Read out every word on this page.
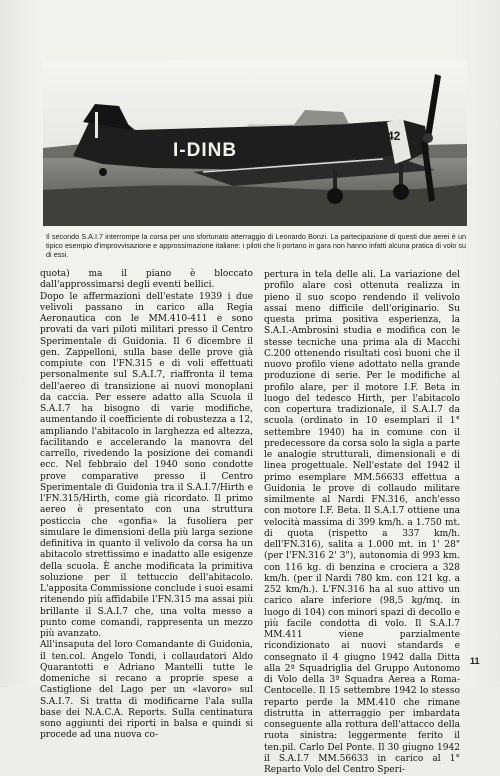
42
I-DINB
Il secondo S.A.I.7 interrompe la corsa per uno sfortunato atterraggio di Leonardo Bonzi. La partecipazione di questi due aerei è un tipico esempio d'improvvisazione e approssimazione italiane: i piloti che li portano in gara non hanno infatti alcuna pratica di volo su di essi.

quota) ma il piano è bloccato dall'approssimarsi degli eventi bellici.

Dopo le affermazioni dell'estate 1939 i due velivoli passano in carico alla Regia Aeronautica con le MM.410-411 e sono provati da vari piloti militari presso il Centro Sperimentale di Guidonia. Il 6 dicembre il gen. Zappelloni, sulla base delle prove già compiute con l'FN.315 e di voli effettuati personalmente sul S.A.I.7, riaffronta il tema dell'aereo di transizione ai nuovi monoplani da caccia. Per essere adatto alla Scuola il S.A.I.7 ha bisogno di varie modifiche, aumentando il coefficiente di robustezza a 12, ampliando l'abitacolo in larghezza ed altezza, facilitando e accelerando la manovra del carrello, rivedendo la posizione dei comandi ecc. Nel febbraio del 1940 sono condotte prove comparative presso il Centro Sperimentale di Guidonia tra il S.A.I.7/Hirth e l'FN.315/Hirth, come già ricordato. Il primo aereo è presentato con una struttura posticcia che «gonfia» la fusoliera per simulare le dimensioni della più larga sezione definitiva in quanto il velivolo da corsa ha un abitacolo strettissimo e inadatto alle esigenze della scuola. È anche modificata la primitiva soluzione per il tettuccio dell'abitacolo. L'apposita Commissione conclude i suoi esami ritenendo più affidabile l'FN.315 ma assai più brillante il S.A.I.7 che, una volta messo a punto come comandi, rappresenta un mezzo più avanzato.

All'insaputa del loro Comandante di Guidonia, il ten.col. Angelo Tondi, i collaudatori Aldo Quarantotti e Adriano Mantelli tutte le domeniche si recano a proprie spese a Castiglione del Lago per un «lavoro» sul S.A.I.7. Si tratta di modificarne l'ala sulla base dei N.A.C.A. Reports. Sulla centinatura sono aggiunti dei riporti in balsa e quindi si procede ad una nuova co-

pertura in tela delle ali. La variazione del profilo alare così ottenuta realizza in pieno il suo scopo rendendo il velivolo assai meno difficile dell'originario. Su questa prima positiva esperienza, la S.A.I.-Ambrosini studia e modifica con le stesse tecniche una prima ala di Macchi C.200 ottenendo risultati così buoni che il nuovo profilo viene adottato nella grande produzione di serie. Per le modifiche al profilo alare, per il motore I.F. Beta in luogo del tedesco Hirth, per l'abitacolo con copertura tradizionale, il S.A.I.7 da scuola (ordinato in 10 esemplari il 1° settembre 1940) ha in comune con il predecessore da corsa solo la sigla a parte le analogie strutturali, dimensionali e di linea progettuale. Nell'estate del 1942 il primo esemplare MM.56633 effettua a Guidonia le prove di collaudo militare similmente al Nardi FN.316, anch'esso con motore I.F. Beta. Il S.A.I.7 ottiene una velocità massima di 399 km/h. a 1.750 mt. di quota (rispetto a 337 km/h. dell'FN.316), salita a 1.000 mt. in 1' 28" (per l'FN.316 2' 3"), autonomia di 993 km. con 116 kg. di benzina e crociera a 328 km/h. (per il Nardi 780 km. con 121 kg. a 252 km/h.). L'FN.316 ha al suo attivo un carico alare inferiore (98,5 kg/mq. in luogo di 104) con minori spazi di decollo e più facile condotta di volo. Il S.A.I.7 MM.411 viene parzialmente ricondizionato ai nuovi standards e consegnato il 4 giugno 1942 dalla Ditta alla 2ª Squadriglia del Gruppo Autonomo di Volo della 3ª Squadra Aerea a Roma-Centocelle. Il 15 settembre 1942 lo stesso reparto perde la MM.410 che rimane distrutta in atterraggio per imbardata conseguente alla rottura dell'attacco della ruota sinistra: leggermente ferito il ten.pil. Carlo Del Ponte. Il 30 giugno 1942 il S.A.I.7 MM.56633 in carico al 1° Reparto Volo del Centro Speri-

11
